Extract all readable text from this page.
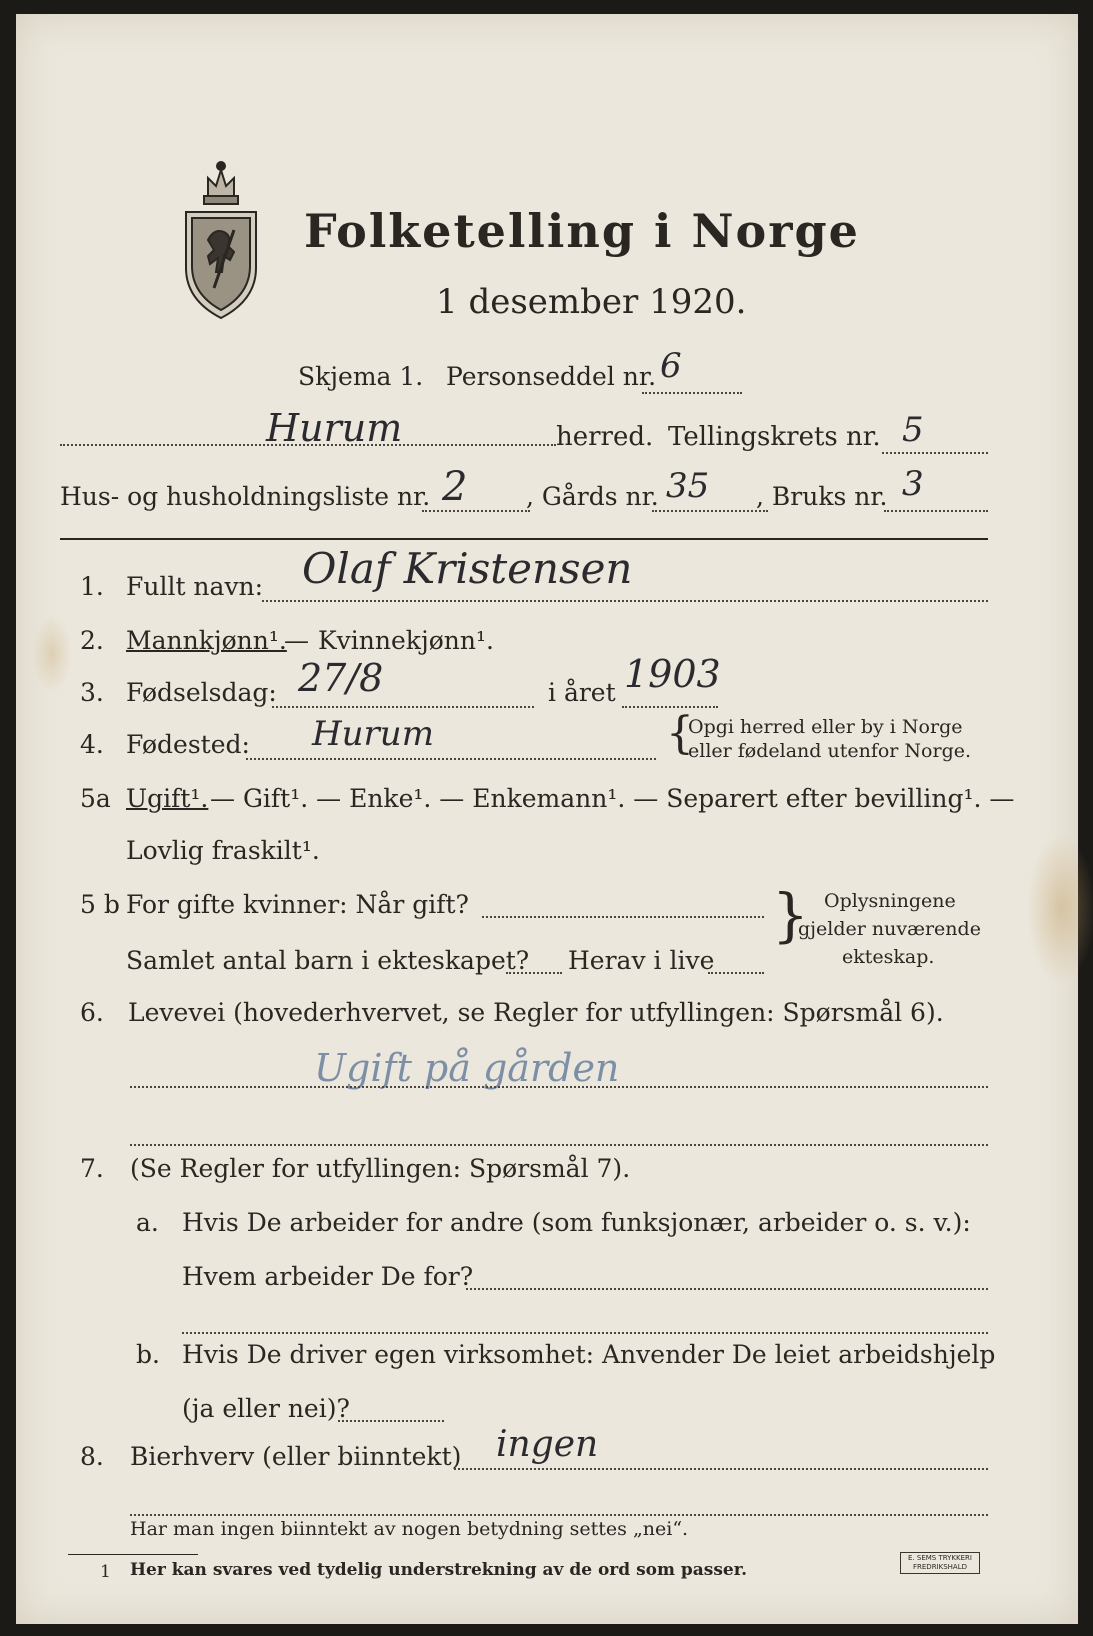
Folketelling i Norge
1 desember 1920.
Skjema 1. Personseddel nr. 6
Hurum	herred. Tellingskrets nr. 5
Hus- og husholdningsliste nr. 2 , Gårds nr. 35 , Bruks nr. 3
1. Fullt navn: Olaf Kristensen
2. Mannkjønn¹.
— Kvinnekjønn¹.
3. Fødselsdag: 27/8	i året 1903
4. Fødested: Hurum	{
Opgi herred eller by i Norge
eller fødeland utenfor Norge.
5a Ugift¹. — Gift¹. — Enke¹. — Enkemann¹. — Separert efter bevilling¹. —
Lovlig fraskilt¹.
5 b For gifte kvinner: Når gift?
Samlet antal barn i ekteskapet? Herav i live
} Oplysningene
gjelder nuværende
ekteskap.
6. Levevei (hovederhvervet, se Regler for utfyllingen: Spørsmål 6).
Ugift på gården
7. (Se Regler for utfyllingen: Spørsmål 7).
a. Hvis De arbeider for andre (som funksjonær, arbeider o. s. v.):
Hvem arbeider De for?
b. Hvis De driver egen virksomhet: Anvender De leiet arbeidshjelp
(ja eller nei)?
8. Bierhverv (eller biinntekt) ingen
Har man ingen biinntekt av nogen betydning settes „nei“.
1 Her kan svares ved tydelig understrekning av de ord som passer.
E. SEMS TRYKKERI
FREDRIKSHALD
